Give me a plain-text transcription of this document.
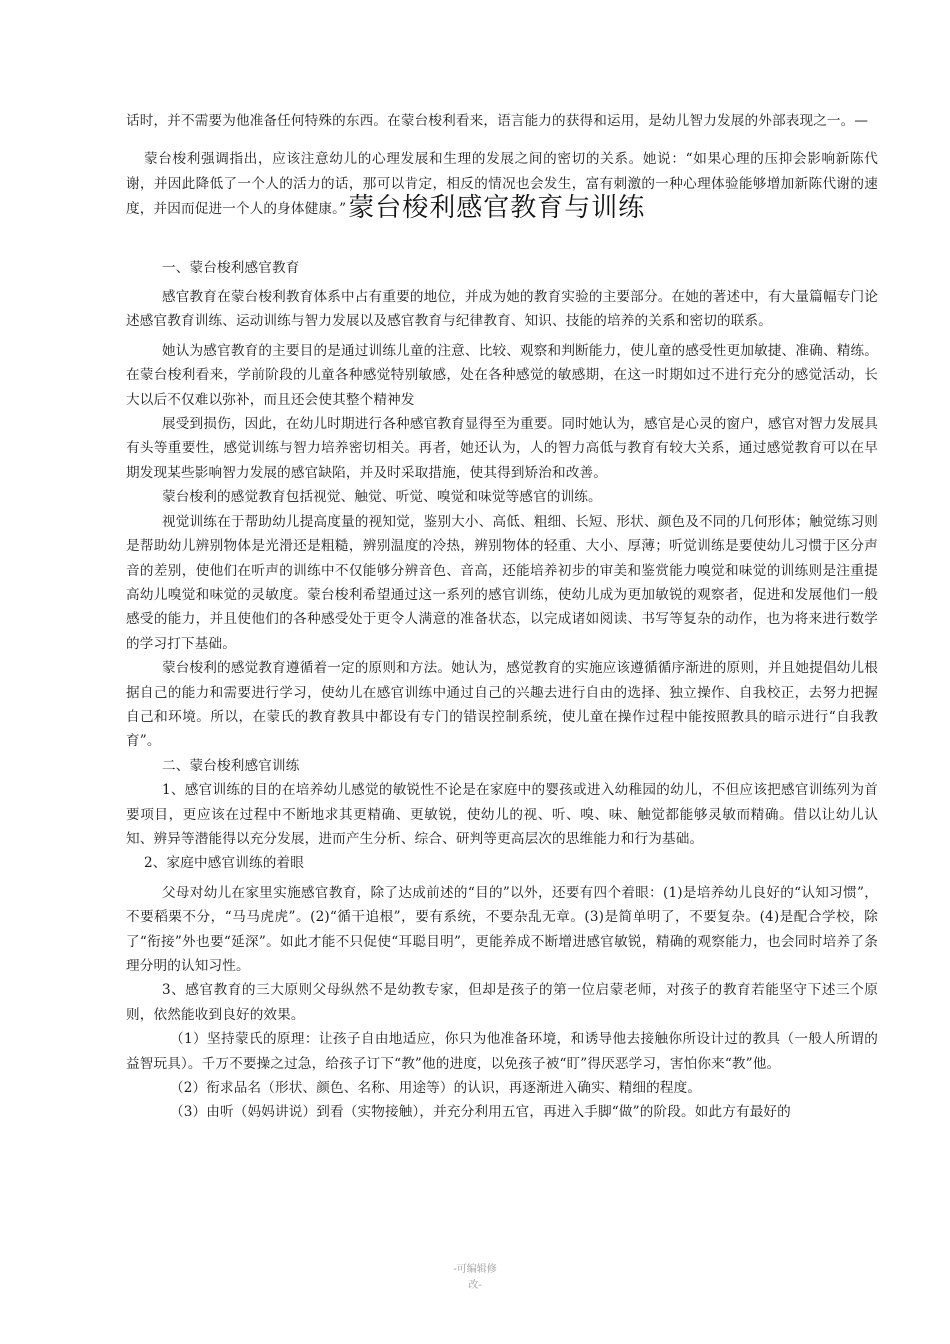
话时，并不需要为他准备任何特殊的东西。在蒙台梭利看来，语言能力的获得和运用，是幼儿智力发展的外部表现之一。—

蒙台梭利强调指出，应该注意幼儿的心理发展和生理的发展之间的密切的关系。她说：“如果心理的压抑会影响新陈代谢，并因此降低了一个人的活力的话，那可以肯定，相反的情况也会发生，富有刺激的一种心理体验能够增加新陈代谢的速度，并因而促进一个人的身体健康。”蒙台梭利感官教育与训练

一、蒙台梭利感官教育

感官教育在蒙台梭利教育体系中占有重要的地位，并成为她的教育实验的主要部分。在她的著述中，有大量篇幅专门论述感官教育训练、运动训练与智力发展以及感官教育与纪律教育、知识、技能的培养的关系和密切的联系。

她认为感官教育的主要目的是通过训练儿童的注意、比较、观察和判断能力，使儿童的感受性更加敏捷、准确、精练。在蒙台梭利看来，学前阶段的儿童各种感觉特别敏感，处在各种感觉的敏感期，在这一时期如过不进行充分的感觉活动，长大以后不仅难以弥补，而且还会使其整个精神发

展受到损伤，因此，在幼儿时期进行各种感官教育显得至为重要。同时她认为，感官是心灵的窗户，感官对智力发展具有头等重要性，感觉训练与智力培养密切相关。再者，她还认为，人的智力高低与教育有较大关系，通过感觉教育可以在早期发现某些影响智力发展的感官缺陷，并及时采取措施，使其得到矫治和改善。

蒙台梭利的感觉教育包括视觉、触觉、听觉、嗅觉和味觉等感官的训练。

视觉训练在于帮助幼儿提高度量的视知觉，鉴别大小、高低、粗细、长短、形状、颜色及不同的几何形体；触觉练习则是帮助幼儿辨别物体是光滑还是粗糙，辨别温度的冷热，辨别物体的轻重、大小、厚薄；听觉训练是要使幼儿习惯于区分声音的差别，使他们在听声的训练中不仅能够分辨音色、音高，还能培养初步的审美和鉴赏能力嗅觉和味觉的训练则是注重提高幼儿嗅觉和味觉的灵敏度。蒙台梭利希望通过这一系列的感官训练，使幼儿成为更加敏锐的观察者，促进和发展他们一般感受的能力，并且使他们的各种感受处于更令人满意的准备状态，以完成诸如阅读、书写等复杂的动作，也为将来进行数学的学习打下基础。

蒙台梭利的感觉教育遵循着一定的原则和方法。她认为，感觉教育的实施应该遵循循序渐进的原则，并且她提倡幼儿根据自己的能力和需要进行学习，使幼儿在感官训练中通过自己的兴趣去进行自由的选择、独立操作、自我校正，去努力把握自己和环境。所以，在蒙氏的教育教具中都设有专门的错误控制系统，使儿童在操作过程中能按照教具的暗示进行“自我教育”。

二、蒙台梭利感官训练

1、感官训练的目的在培养幼儿感觉的敏锐性不论是在家庭中的婴孩或进入幼稚园的幼儿，不但应该把感官训练列为首要项目，更应该在过程中不断地求其更精确、更敏锐，使幼儿的视、听、嗅、味、触觉都能够灵敏而精确。借以让幼儿认知、辨异等潜能得以充分发展，进而产生分析、综合、研判等更高层次的思维能力和行为基础。

2、家庭中感官训练的着眼

父母对幼儿在家里实施感官教育，除了达成前述的“目的”以外，还要有四个着眼：(1)是培养幼儿良好的“认知习惯”，不要稻栗不分，“马马虎虎”。(2)“循干追根”，要有系统，不要杂乱无章。(3)是简单明了，不要复杂。(4)是配合学校，除了“衔接”外也要“延深”。如此才能不只促使“耳聪目明”，更能养成不断增进感官敏锐，精确的观察能力，也会同时培养了条理分明的认知习性。

3、感官教育的三大原则父母纵然不是幼教专家，但却是孩子的第一位启蒙老师，对孩子的教育若能坚守下述三个原则，依然能收到良好的效果。

（1）坚持蒙氏的原理：让孩子自由地适应，你只为他准备环境，和诱导他去接触你所设计过的教具（一般人所谓的益智玩具）。千万不要操之过急，给孩子订下“教”他的进度，以免孩子被“盯”得厌恶学习，害怕你来“教”他。

（2）衔求品名（形状、颜色、名称、用途等）的认识，再逐渐进入确实、精细的程度。

（3）由听（妈妈讲说）到看（实物接触），并充分利用五官，再进入手脚“做”的阶段。如此方有最好的

-可编辑修
改-
